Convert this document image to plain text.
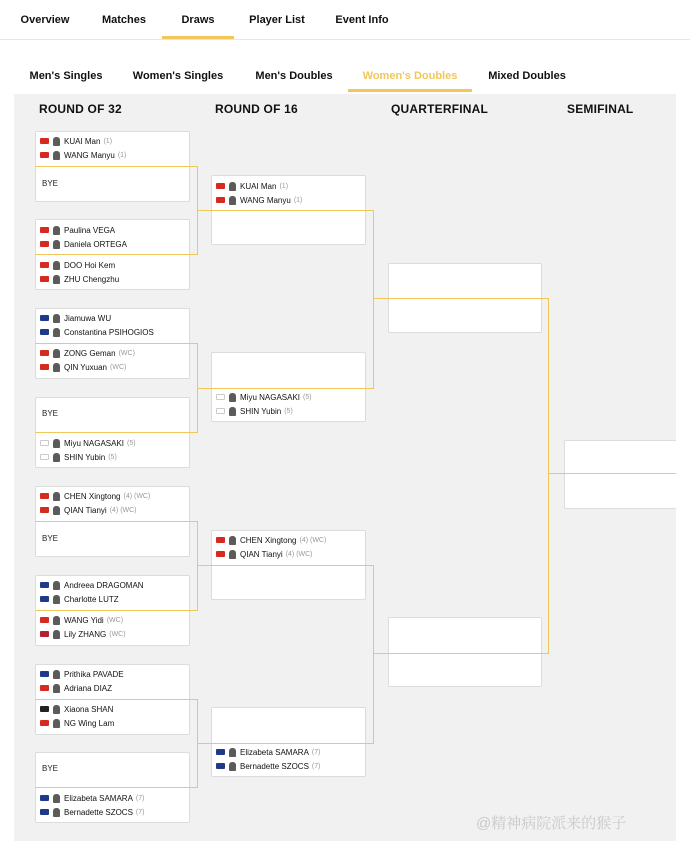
Overview	Matches	Draws	Player List	Event Info
Men's Singles	Women's Singles	Men's Doubles	Women's Doubles	Mixed Doubles
ROUND OF 32	ROUND OF 16	QUARTERFINAL	SEMIFINAL
KUAI Man (1)
WANG Manyu (1)
BYE
Paulina VEGA
Daniela ORTEGA
DOO Hoi Kem
ZHU Chengzhu
Jiamuwa WU
Constantina PSIHOGIOS
ZONG Geman (WC)
QIN Yuxuan (WC)
BYE
Miyu NAGASAKI (5)
SHIN Yubin (5)
CHEN Xingtong (4) (WC)
QIAN Tianyi (4) (WC)
BYE
Andreea DRAGOMAN
Charlotte LUTZ
WANG Yidi (WC)
Lily ZHANG (WC)
Prithika PAVADE
Adriana DIAZ
Xiaona SHAN
NG Wing Lam
BYE
Elizabeta SAMARA (7)
Bernadette SZOCS (7)
KUAI Man (1)
WANG Manyu (1)
Miyu NAGASAKI (5)
SHIN Yubin (5)
CHEN Xingtong (4) (WC)
QIAN Tianyi (4) (WC)
Elizabeta SAMARA (7)
Bernadette SZOCS (7)
@精神病院派来的猴子
